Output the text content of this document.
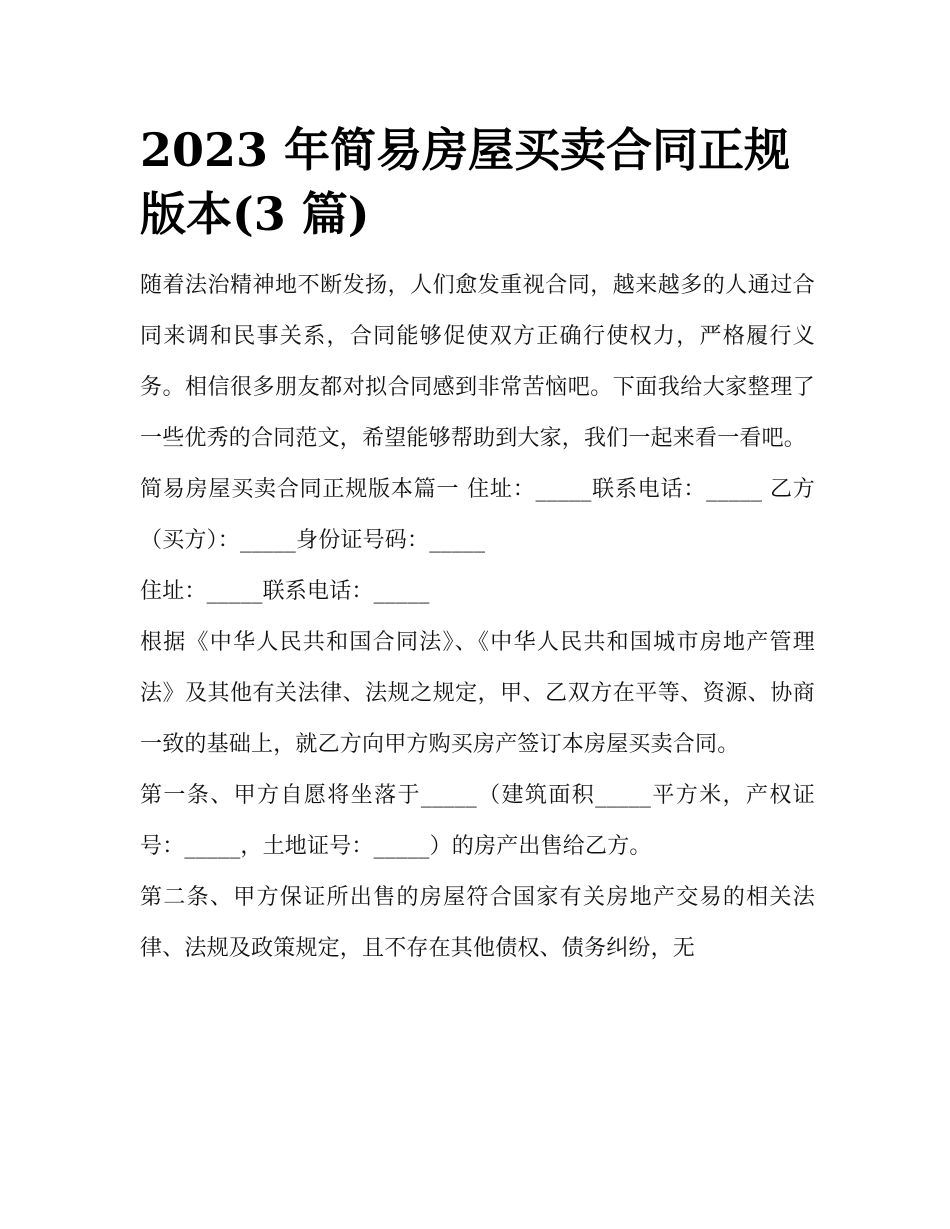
2023 年简易房屋买卖合同正规版本(3 篇)

随着法治精神地不断发扬，人们愈发重视合同，越来越多的人通过合同来调和民事关系，合同能够促使双方正确行使权力，严格履行义务。相信很多朋友都对拟合同感到非常苦恼吧。下面我给大家整理了一些优秀的合同范文，希望能够帮助到大家，我们一起来看一看吧。

简易房屋买卖合同正规版本篇一 住址：_____联系电话：_____ 乙方（买方）：_____身份证号码：_____

住址：_____联系电话：_____

根据《中华人民共和国合同法》、《中华人民共和国城市房地产管理法》及其他有关法律、法规之规定，甲、乙双方在平等、资源、协商一致的基础上，就乙方向甲方购买房产签订本房屋买卖合同。

第一条、甲方自愿将坐落于_____（建筑面积_____平方米，产权证号：_____，土地证号：_____）的房产出售给乙方。

第二条、甲方保证所出售的房屋符合国家有关房地产交易的相关法律、法规及政策规定，且不存在其他债权、债务纠纷，无
